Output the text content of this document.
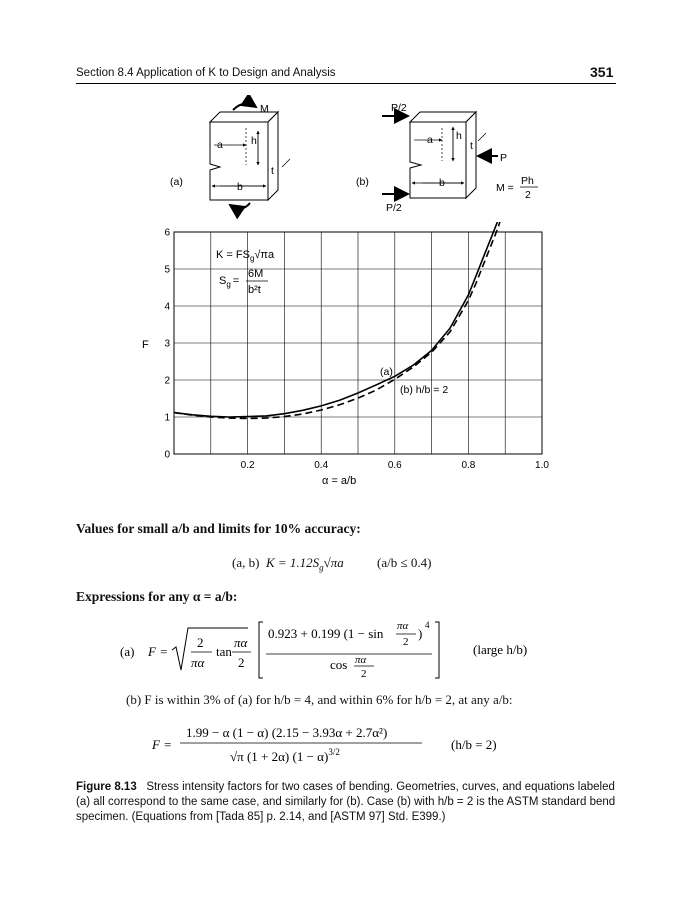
Section 8.4 Application of K to Design and Analysis	351
(a)
M
a	h
b
t
(b)
P/2
P/2
P
a h
b
t
M =
Ph
2
0.2	0.4	0.6	0.8	1.0
0
1
2
3
4
5
6
F
α = a/b
$K = FS_g√\pi a$
$S_g$ =
6M
b²t
(a)
(b) h/b = 2
Values for small a/b and limits for 10% accuracy:
(a, b) $K = 1.12S_g√\pi a$	(a/b ≤ 0.4)
Expressions for any α = a/b:
(a) F =
2
πα
tan
πα
2
0.923 + 0.199 (1 − sin πα
2
)
4
cos πα
2
(large h/b)
(b) F is within 3% of (a) for h/b = 4, and within 6% for h/b = 2, at any a/b:
F =
1.99 − α (1 − α) (2.15 − 3.93α + 2.7α²)
√π (1 + 2α) $(1 - \alpha)^{3/2}$	(h/b = 2)
Figure 8.13 Stress intensity factors for two cases of bending. Geometries, curves, and equations labeled (a) all correspond to the same case, and similarly for (b). Case (b) with h/b = 2 is the ASTM standard bend specimen. (Equations from [Tada 85] p. 2.14, and [ASTM 97] Std. E399.)
